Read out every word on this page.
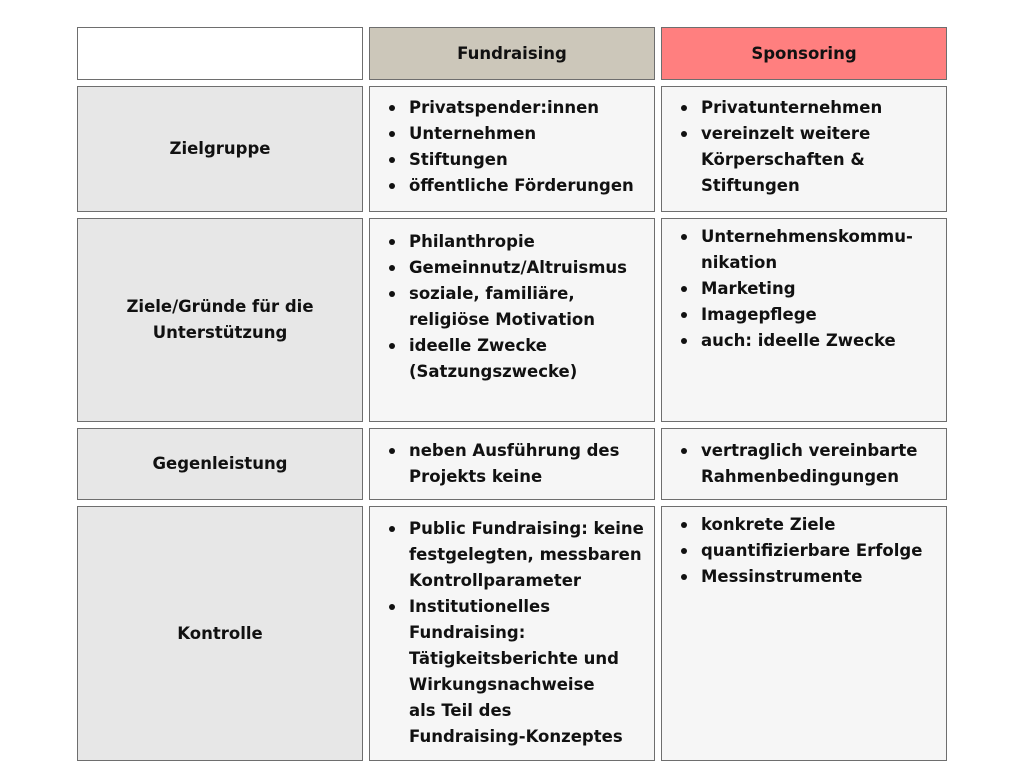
Fundraising	Sponsoring
Zielgruppe
Privatspender:innen
Unternehmen
Stiftungen
öffentliche Förderungen
Privatunternehmen
vereinzelt weitere Körperschaften & Stiftungen
Ziele/Gründe für die Unterstützung
Philanthropie
Gemeinnutz/Altruismus
soziale, familiäre, religiöse Motivation
ideelle Zwecke (Satzungszwecke)
Unternehmenskommu-nikation
Marketing
Imagepflege
auch: ideelle Zwecke
Gegenleistung
neben Ausführung des Projekts keine
vertraglich vereinbarte Rahmenbedingungen
Kontrolle
Public Fundraising: keine festgelegten, messbaren Kontrollparameter
Institutionelles Fundraising: Tätigkeitsberichte und Wirkungsnachweise als Teil des Fundraising-Konzeptes
konkrete Ziele
quantifizierbare Erfolge
Messinstrumente
